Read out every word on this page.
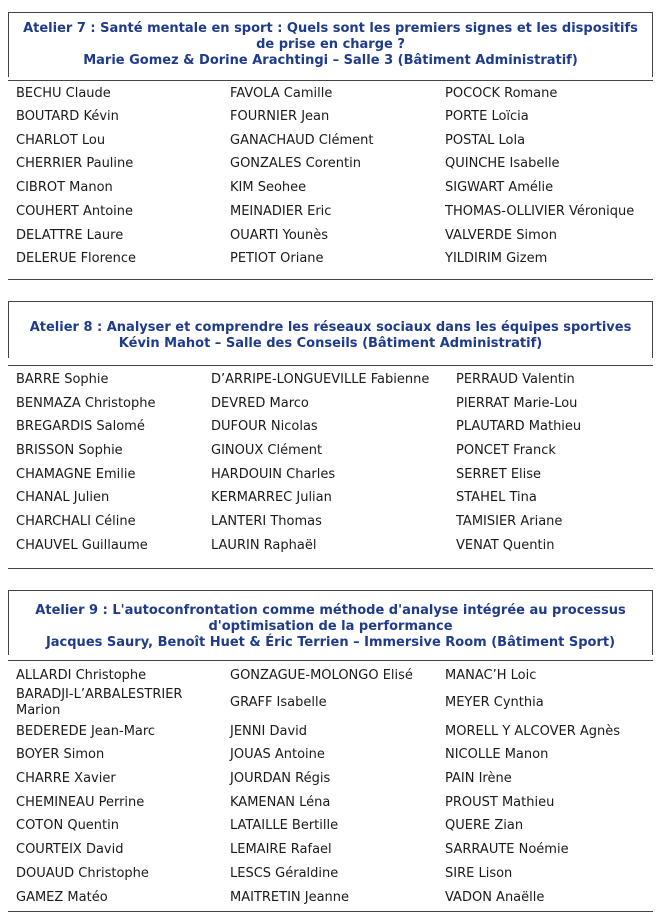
Atelier 7 : Santé mentale en sport : Quels sont les premiers signes et les dispositifs
de prise en charge ?
Marie Gomez & Dorine Arachtingi – Salle 3 (Bâtiment Administratif)
BECHU Claude
BOUTARD Kévin
CHARLOT Lou
CHERRIER Pauline
CIBROT Manon
COUHERT Antoine
DELATTRE Laure
DELERUE Florence
FAVOLA Camille
FOURNIER Jean
GANACHAUD Clément
GONZALES Corentin
KIM Seohee
MEINADIER Eric
OUARTI Younès
PETIOT Oriane
POCOCK Romane
PORTE Loïcia
POSTAL Lola
QUINCHE Isabelle
SIGWART Amélie
THOMAS-OLLIVIER Véronique
VALVERDE Simon
YILDIRIM Gizem
Atelier 8 : Analyser et comprendre les réseaux sociaux dans les équipes sportives
Kévin Mahot – Salle des Conseils (Bâtiment Administratif)
BARRE Sophie
BENMAZA Christophe
BREGARDIS Salomé
BRISSON Sophie
CHAMAGNE Emilie
CHANAL Julien
CHARCHALI Céline
CHAUVEL Guillaume
D’ARRIPE-LONGUEVILLE Fabienne
DEVRED Marco
DUFOUR Nicolas
GINOUX Clément
HARDOUIN Charles
KERMARREC Julian
LANTERI Thomas
LAURIN Raphaël
PERRAUD Valentin
PIERRAT Marie-Lou
PLAUTARD Mathieu
PONCET Franck
SERRET Elise
STAHEL Tina
TAMISIER Ariane
VENAT Quentin
Atelier 9 : L'autoconfrontation comme méthode d'analyse intégrée au processus
d'optimisation de la performance
Jacques Saury, Benoît Huet & Éric Terrien – Immersive Room (Bâtiment Sport)
ALLARDI Christophe
BARADJI-L’ARBALESTRIER Marion
BEDEREDE Jean-Marc
BOYER Simon
CHARRE Xavier
CHEMINEAU Perrine
COTON Quentin
COURTEIX David
DOUAUD Christophe
GAMEZ Matéo
GONZAGUE-MOLONGO Elisé
GRAFF Isabelle
JENNI David
JOUAS Antoine
JOURDAN Régis
KAMENAN Léna
LATAILLE Bertille
LEMAIRE Rafael
LESCS Géraldine
MAITRETIN Jeanne
MANAC’H Loic
MEYER Cynthia
MORELL Y ALCOVER Agnès
NICOLLE Manon
PAIN Irène
PROUST Mathieu
QUERE Zian
SARRAUTE Noémie
SIRE Lison
VADON Anaëlle
